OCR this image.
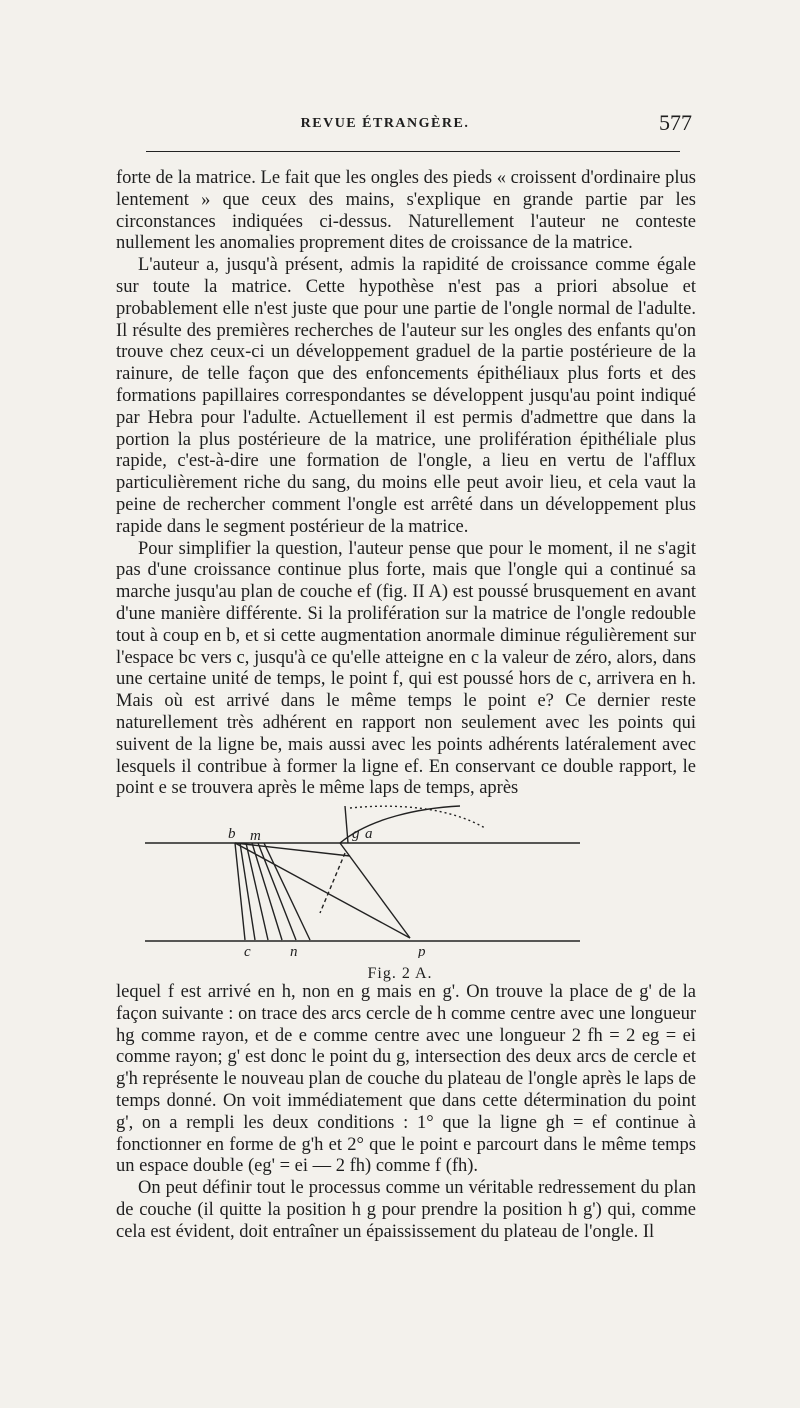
REVUE ÉTRANGÈRE.	577

forte de la matrice. Le fait que les ongles des pieds « croissent d'ordinaire plus lentement » que ceux des mains, s'explique en grande partie par les circonstances indiquées ci-dessus. Naturellement l'auteur ne conteste nullement les anomalies proprement dites de croissance de la matrice.

L'auteur a, jusqu'à présent, admis la rapidité de croissance comme égale sur toute la matrice. Cette hypothèse n'est pas a priori absolue et probablement elle n'est juste que pour une partie de l'ongle normal de l'adulte. Il résulte des premières recherches de l'auteur sur les ongles des enfants qu'on trouve chez ceux-ci un développement graduel de la partie postérieure de la rainure, de telle façon que des enfoncements épithéliaux plus forts et des formations papillaires correspondantes se développent jusqu'au point indiqué par Hebra pour l'adulte. Actuellement il est permis d'admettre que dans la portion la plus postérieure de la matrice, une prolifération épithéliale plus rapide, c'est-à-dire une formation de l'ongle, a lieu en vertu de l'afflux particulièrement riche du sang, du moins elle peut avoir lieu, et cela vaut la peine de rechercher comment l'ongle est arrêté dans un développement plus rapide dans le segment postérieur de la matrice.

Pour simplifier la question, l'auteur pense que pour le moment, il ne s'agit pas d'une croissance continue plus forte, mais que l'ongle qui a continué sa marche jusqu'au plan de couche ef (fig. II A) est poussé brusquement en avant d'une manière différente. Si la prolifération sur la matrice de l'ongle redouble tout à coup en b, et si cette augmentation anormale diminue régulièrement sur l'espace bc vers c, jusqu'à ce qu'elle atteigne en c la valeur de zéro, alors, dans une certaine unité de temps, le point f, qui est poussé hors de c, arrivera en h. Mais où est arrivé dans le même temps le point e? Ce dernier reste naturellement très adhérent en rapport non seulement avec les points qui suivent de la ligne be, mais aussi avec les points adhérents latéralement avec lesquels il contribue à former la ligne ef. En conservant ce double rapport, le point e se trouvera après le même laps de temps, après

b m	g a
c	n	p
Fig. 2 A.

lequel f est arrivé en h, non en g mais en g'. On trouve la place de g' de la façon suivante : on trace des arcs cercle de h comme centre avec une longueur hg comme rayon, et de e comme centre avec une longueur 2 fh = 2 eg = ei comme rayon; g' est donc le point du g, intersection des deux arcs de cercle et g'h représente le nouveau plan de couche du plateau de l'ongle après le laps de temps donné. On voit immédiatement que dans cette détermination du point g', on a rempli les deux conditions : 1° que la ligne gh = ef continue à fonctionner en forme de g'h et 2° que le point e parcourt dans le même temps un espace double (eg' = ei — 2 fh) comme f (fh).

On peut définir tout le processus comme un véritable redressement du plan de couche (il quitte la position h g pour prendre la position h g') qui, comme cela est évident, doit entraîner un épaississement du plateau de l'ongle. Il
